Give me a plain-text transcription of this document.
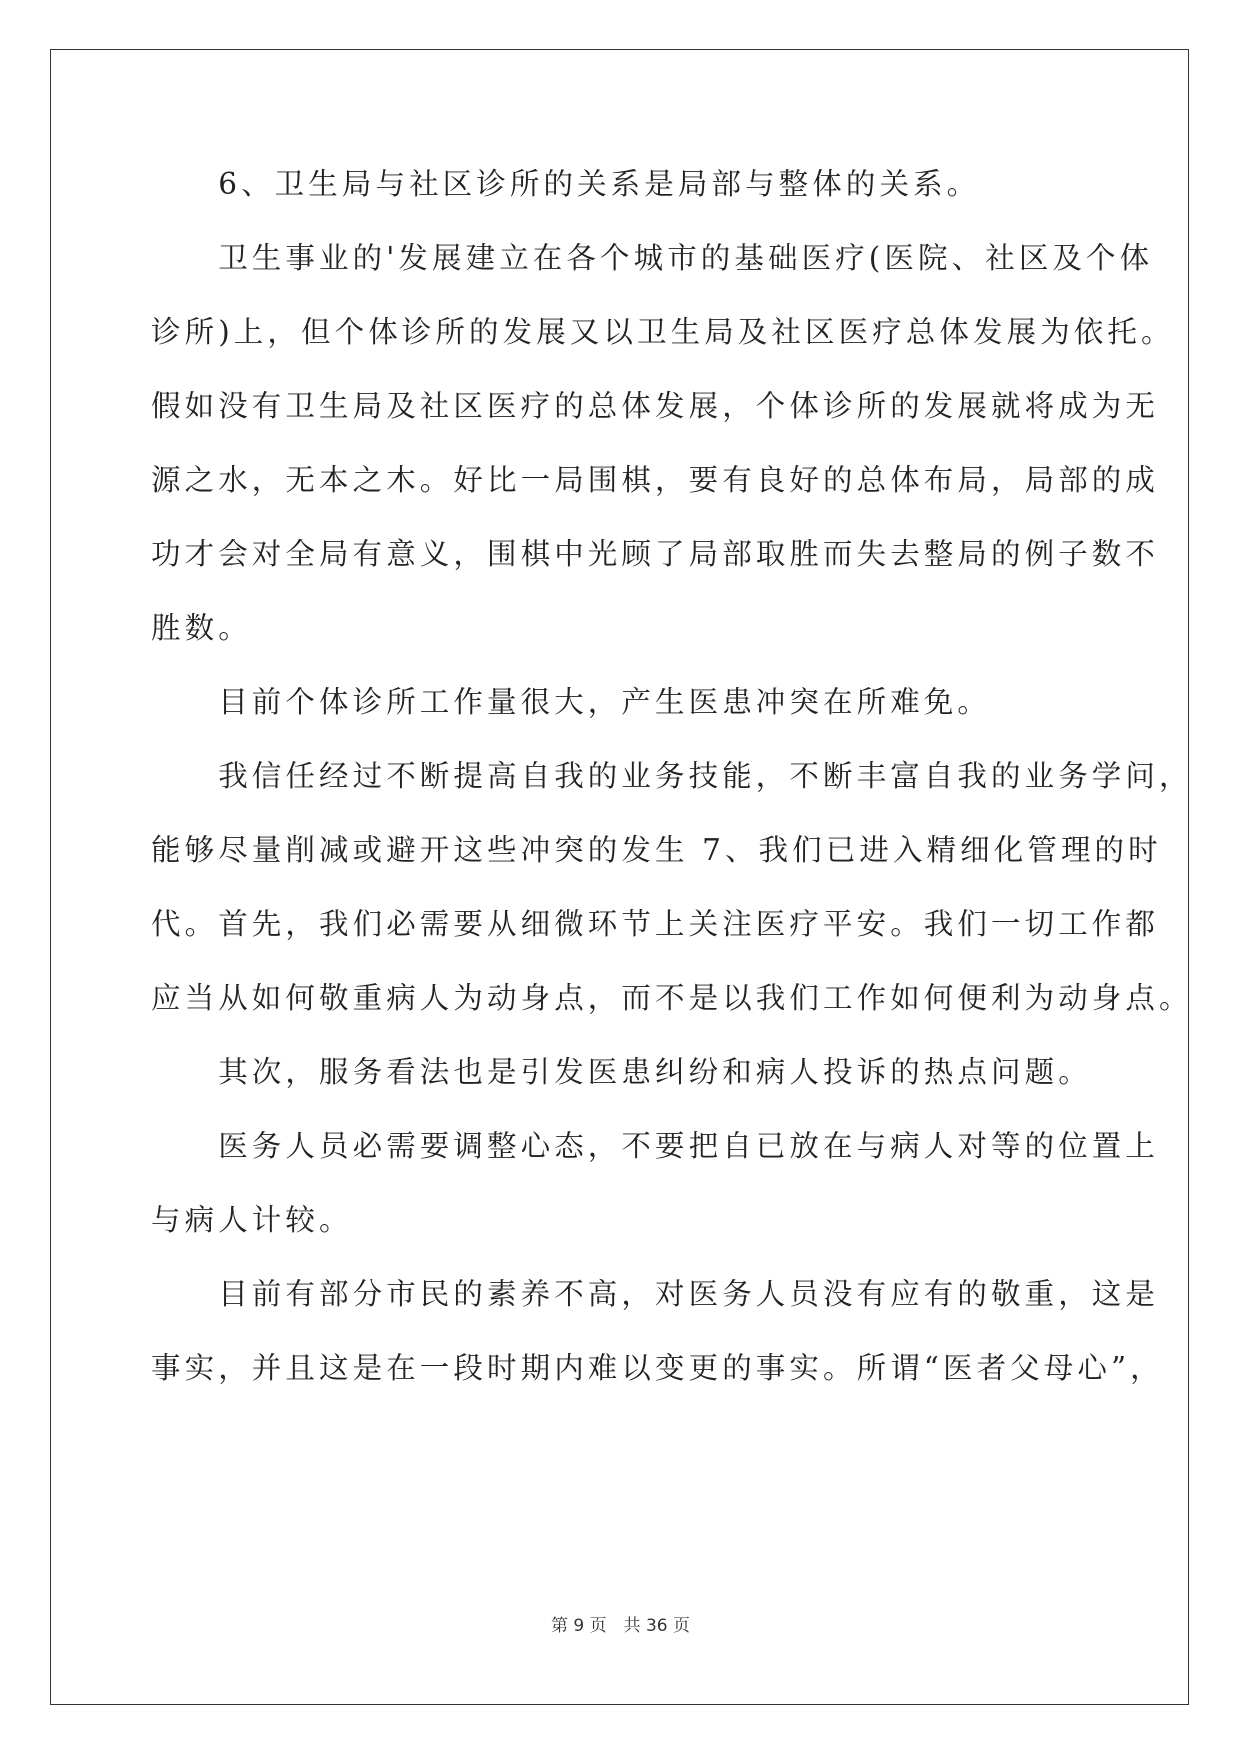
　　6、卫生局与社区诊所的关系是局部与整体的关系。

　　卫生事业的'发展建立在各个城市的基础医疗(医院、社区及个体

诊所)上，但个体诊所的发展又以卫生局及社区医疗总体发展为依托。

假如没有卫生局及社区医疗的总体发展，个体诊所的发展就将成为无

源之水，无本之木。好比一局围棋，要有良好的总体布局，局部的成

功才会对全局有意义，围棋中光顾了局部取胜而失去整局的例子数不

胜数。

　　目前个体诊所工作量很大，产生医患冲突在所难免。

　　我信任经过不断提高自我的业务技能，不断丰富自我的业务学问，

能够尽量削减或避开这些冲突的发生 7、我们已进入精细化管理的时

代。首先，我们必需要从细微环节上关注医疗平安。我们一切工作都

应当从如何敬重病人为动身点，而不是以我们工作如何便利为动身点。

　　其次，服务看法也是引发医患纠纷和病人投诉的热点问题。

　　医务人员必需要调整心态，不要把自已放在与病人对等的位置上

与病人计较。

　　目前有部分市民的素养不高，对医务人员没有应有的敬重，这是

事实，并且这是在一段时期内难以变更的事实。所谓“医者父母心”，

第 9 页　共 36 页
